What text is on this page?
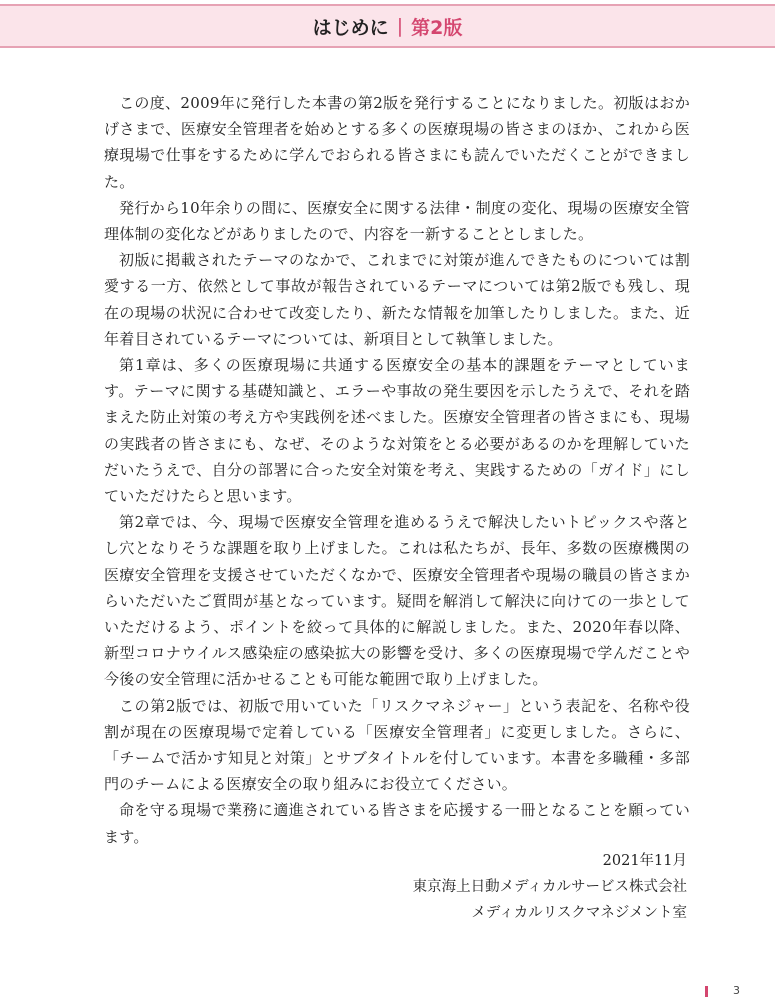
はじめに | 第2版

この度、2009年に発行した本書の第2版を発行することになりました。初版はおかげさまで、医療安全管理者を始めとする多くの医療現場の皆さまのほか、これから医療現場で仕事をするために学んでおられる皆さまにも読んでいただくことができました。

発行から10年余りの間に、医療安全に関する法律・制度の変化、現場の医療安全管理体制の変化などがありましたので、内容を一新することとしました。

初版に掲載されたテーマのなかで、これまでに対策が進んできたものについては割愛する一方、依然として事故が報告されているテーマについては第2版でも残し、現在の現場の状況に合わせて改変したり、新たな情報を加筆したりしました。また、近年着目されているテーマについては、新項目として執筆しました。

第1章は、多くの医療現場に共通する医療安全の基本的課題をテーマとしています。テーマに関する基礎知識と、エラーや事故の発生要因を示したうえで、それを踏まえた防止対策の考え方や実践例を述べました。医療安全管理者の皆さまにも、現場の実践者の皆さまにも、なぜ、そのような対策をとる必要があるのかを理解していただいたうえで、自分の部署に合った安全対策を考え、実践するための「ガイド」にしていただけたらと思います。

第2章では、今、現場で医療安全管理を進めるうえで解決したいトピックスや落とし穴となりそうな課題を取り上げました。これは私たちが、長年、多数の医療機関の医療安全管理を支援させていただくなかで、医療安全管理者や現場の職員の皆さまからいただいたご質問が基となっています。疑問を解消して解決に向けての一歩としていただけるよう、ポイントを絞って具体的に解説しました。また、2020年春以降、新型コロナウイルス感染症の感染拡大の影響を受け、多くの医療現場で学んだことや今後の安全管理に活かせることも可能な範囲で取り上げました。

この第2版では、初版で用いていた「リスクマネジャー」という表記を、名称や役割が現在の医療現場で定着している「医療安全管理者」に変更しました。さらに、「チームで活かす知見と対策」とサブタイトルを付しています。本書を多職種・多部門のチームによる医療安全の取り組みにお役立てください。

命を守る現場で業務に適進されている皆さまを応援する一冊となることを願っています。

2021年11月
東京海上日動メディカルサービス株式会社
メディカルリスクマネジメント室
3
